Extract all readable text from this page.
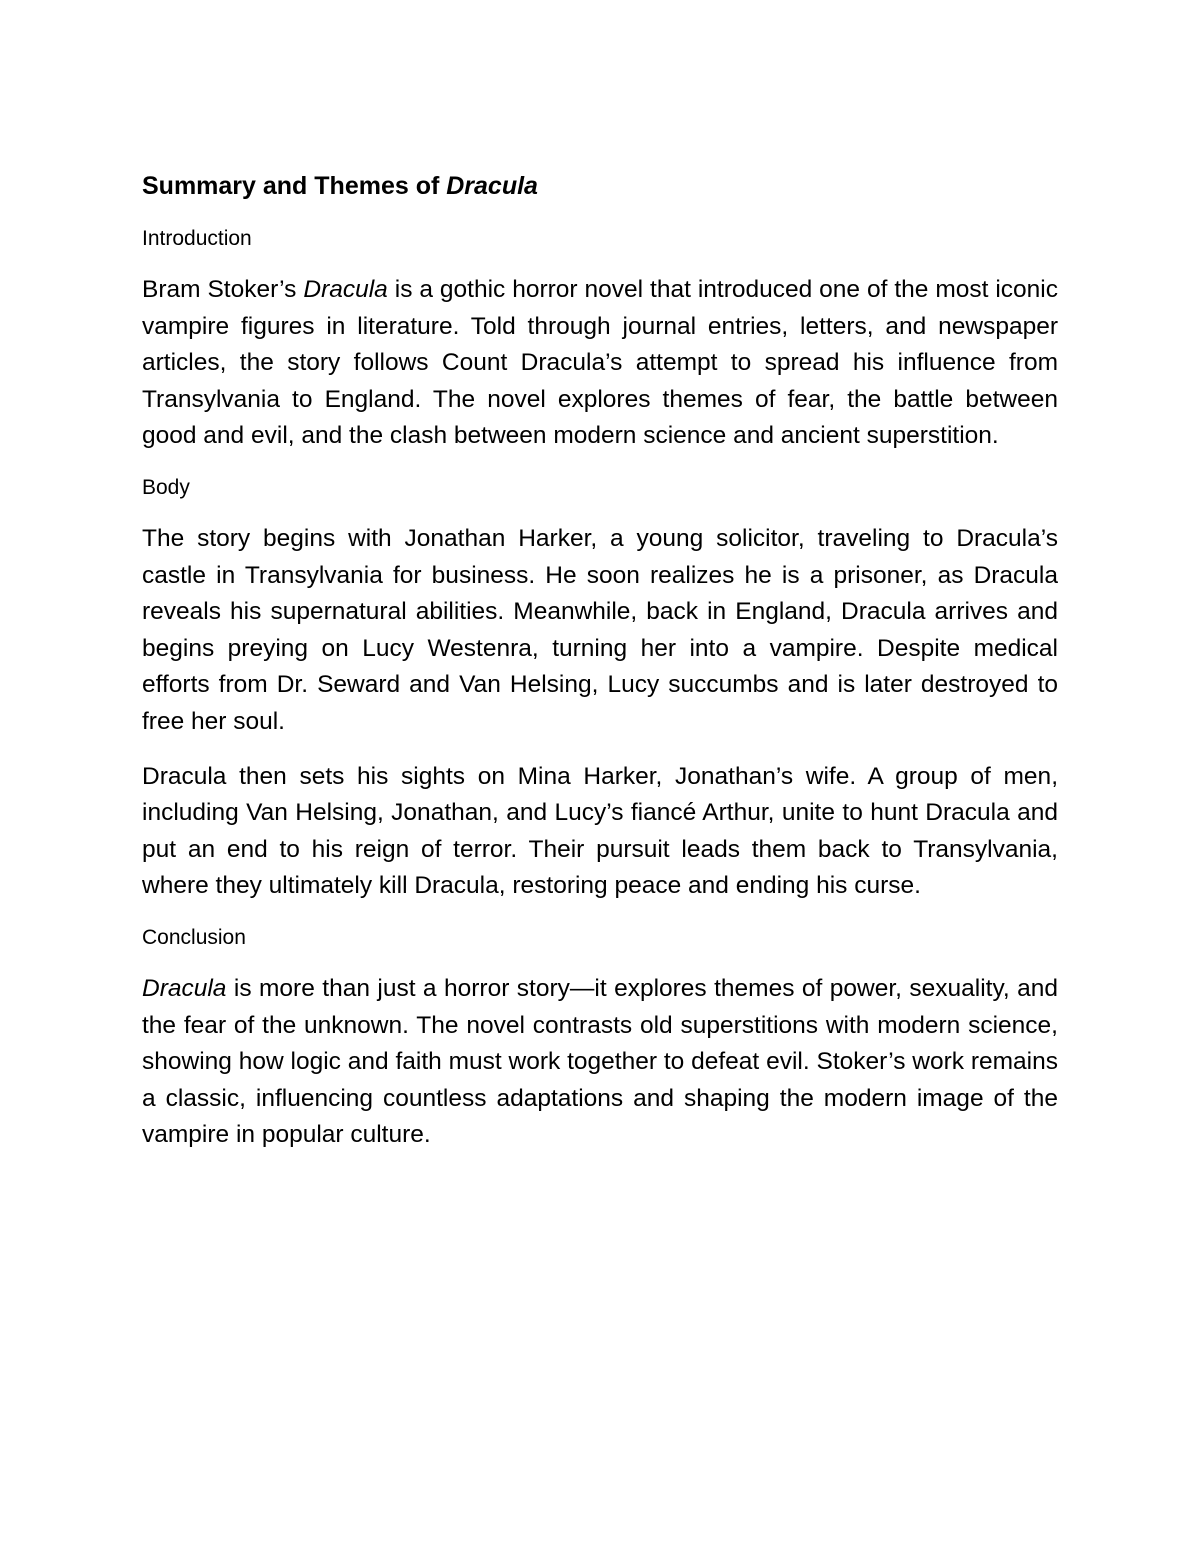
Summary and Themes of Dracula
Introduction

Bram Stoker’s Dracula is a gothic horror novel that introduced one of the most iconic vampire figures in literature. Told through journal entries, letters, and newspaper articles, the story follows Count Dracula’s attempt to spread his influence from Transylvania to England. The novel explores themes of fear, the battle between good and evil, and the clash between modern science and ancient superstition.

Body

The story begins with Jonathan Harker, a young solicitor, traveling to Dracula’s castle in Transylvania for business. He soon realizes he is a prisoner, as Dracula reveals his supernatural abilities. Meanwhile, back in England, Dracula arrives and begins preying on Lucy Westenra, turning her into a vampire. Despite medical efforts from Dr. Seward and Van Helsing, Lucy succumbs and is later destroyed to free her soul.

Dracula then sets his sights on Mina Harker, Jonathan’s wife. A group of men, including Van Helsing, Jonathan, and Lucy’s fiancé Arthur, unite to hunt Dracula and put an end to his reign of terror. Their pursuit leads them back to Transylvania, where they ultimately kill Dracula, restoring peace and ending his curse.

Conclusion

Dracula is more than just a horror story—it explores themes of power, sexuality, and the fear of the unknown. The novel contrasts old superstitions with modern science, showing how logic and faith must work together to defeat evil. Stoker’s work remains a classic, influencing countless adaptations and shaping the modern image of the vampire in popular culture.
